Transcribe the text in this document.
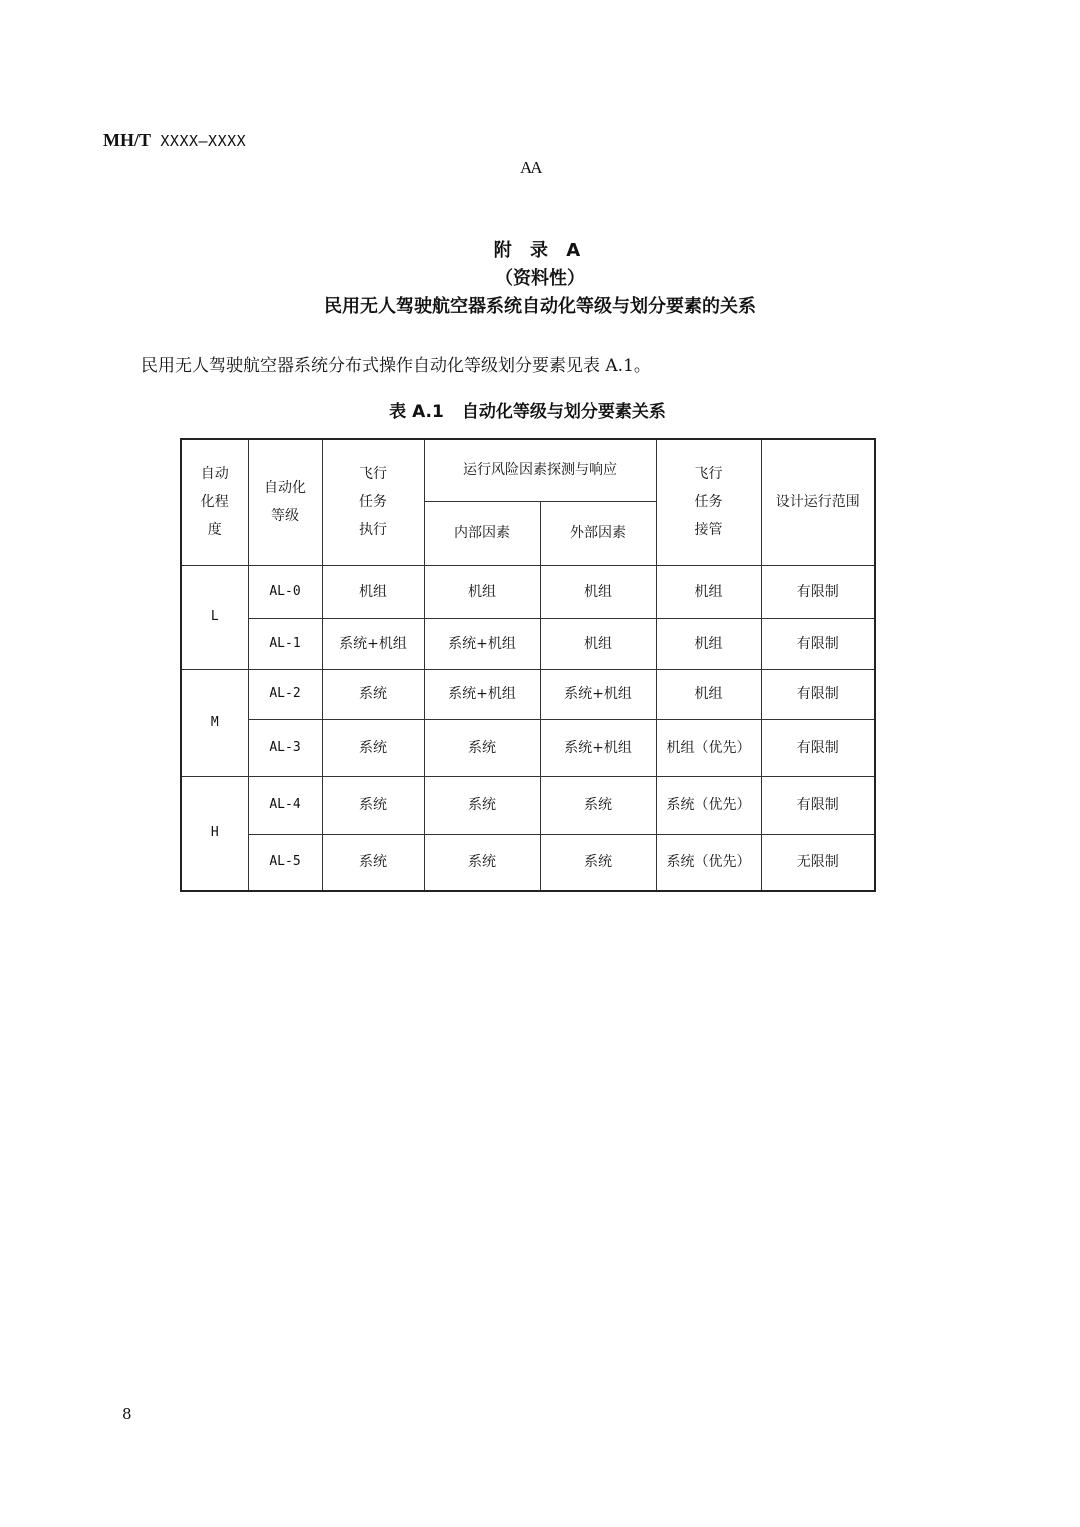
MH/T XXXX—XXXX
AA
附 录 A
（资料性）
民用无人驾驶航空器系统自动化等级与划分要素的关系
民用无人驾驶航空器系统分布式操作自动化等级划分要素见表 A.1。
表 A.1 自动化等级与划分要素关系
自动化程度	自动化等级	飞行任务执行	运行风险因素探测与响应		飞行任务接管	设计运行范围
			内部因素	外部因素		
L	AL-0	机组	机组	机组	机组	有限制
	AL-1	系统+机组	系统+机组	机组	机组	有限制
M	AL-2	系统	系统+机组	系统+机组	机组	有限制
	AL-3	系统	系统	系统+机组	机组（优先）	有限制
H	AL-4	系统	系统	系统	系统（优先）	有限制
	AL-5	系统	系统	系统	系统（优先）	无限制
8
